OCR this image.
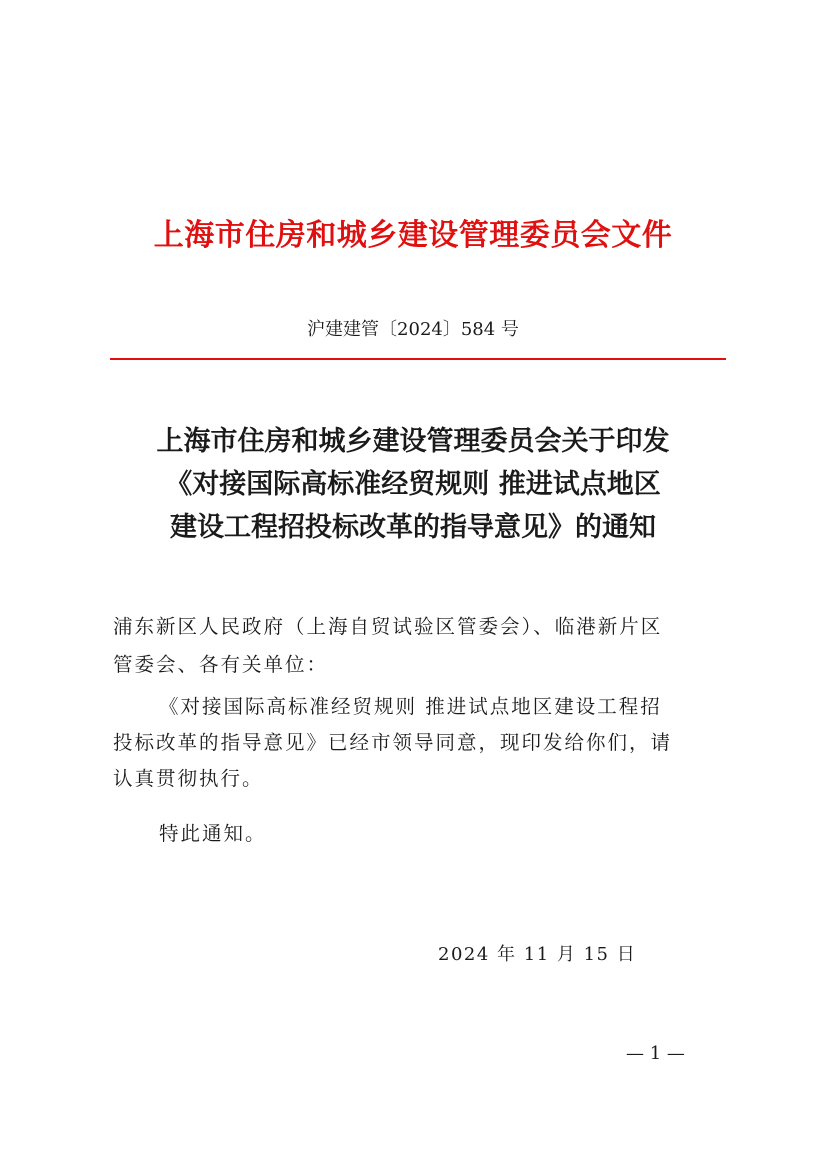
上海市住房和城乡建设管理委员会文件
沪建建管〔2024〕584 号
上海市住房和城乡建设管理委员会关于印发
《对接国际高标准经贸规则 推进试点地区
建设工程招投标改革的指导意见》的通知
浦东新区人民政府（上海自贸试验区管委会）、临港新片区
管委会、各有关单位：
《对接国际高标准经贸规则 推进试点地区建设工程招
投标改革的指导意见》已经市领导同意，现印发给你们，请
认真贯彻执行。
特此通知。
2024 年 11 月 15 日
— 1 —
